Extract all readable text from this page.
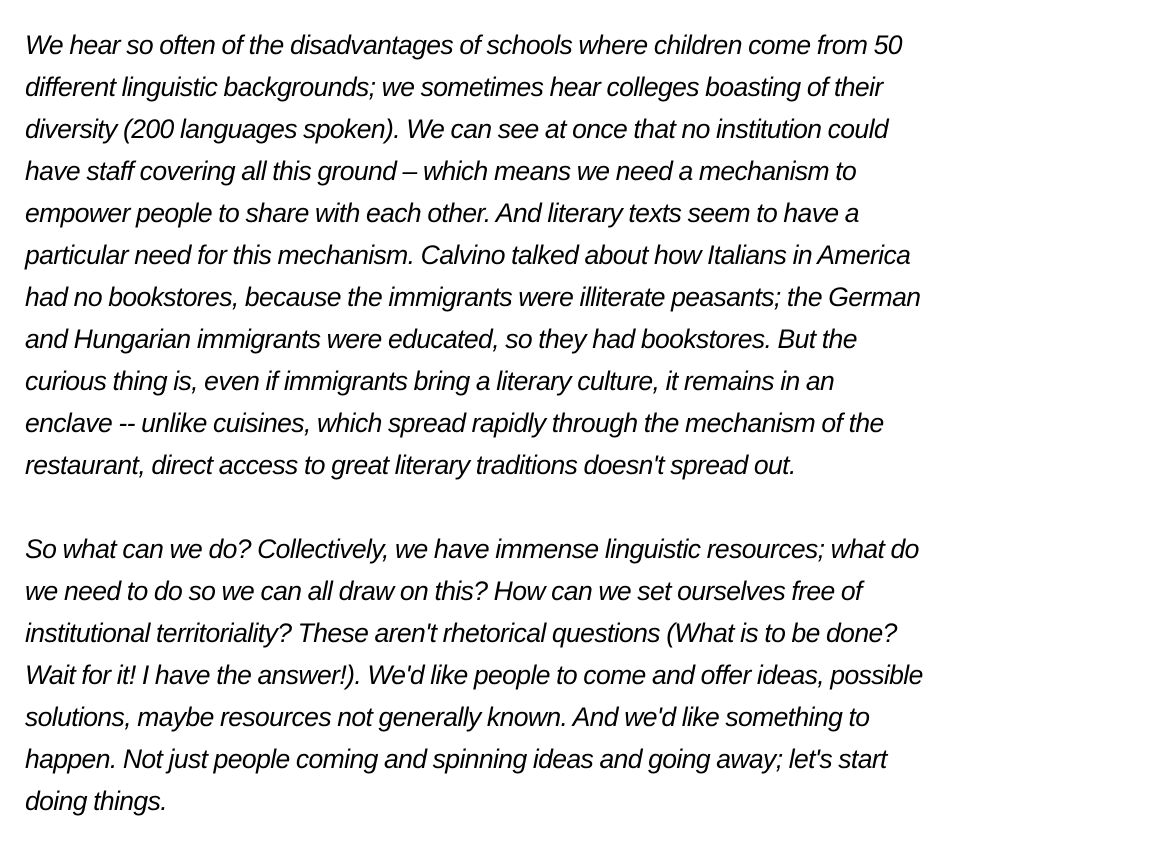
We hear so often of the disadvantages of schools where children come from 50
different linguistic backgrounds; we sometimes hear colleges boasting of their
diversity (200 languages spoken). We can see at once that no institution could
have staff covering all this ground – which means we need a mechanism to
empower people to share with each other. And literary texts seem to have a
particular need for this mechanism. Calvino talked about how Italians in America
had no bookstores, because the immigrants were illiterate peasants; the German
and Hungarian immigrants were educated, so they had bookstores. But the
curious thing is, even if immigrants bring a literary culture, it remains in an
enclave -- unlike cuisines, which spread rapidly through the mechanism of the
restaurant, direct access to great literary traditions doesn't spread out.

So what can we do? Collectively, we have immense linguistic resources; what do
we need to do so we can all draw on this? How can we set ourselves free of
institutional territoriality? These aren't rhetorical questions (What is to be done?
Wait for it! I have the answer!). We'd like people to come and offer ideas, possible
solutions, maybe resources not generally known. And we'd like something to
happen. Not just people coming and spinning ideas and going away; let's start
doing things.
